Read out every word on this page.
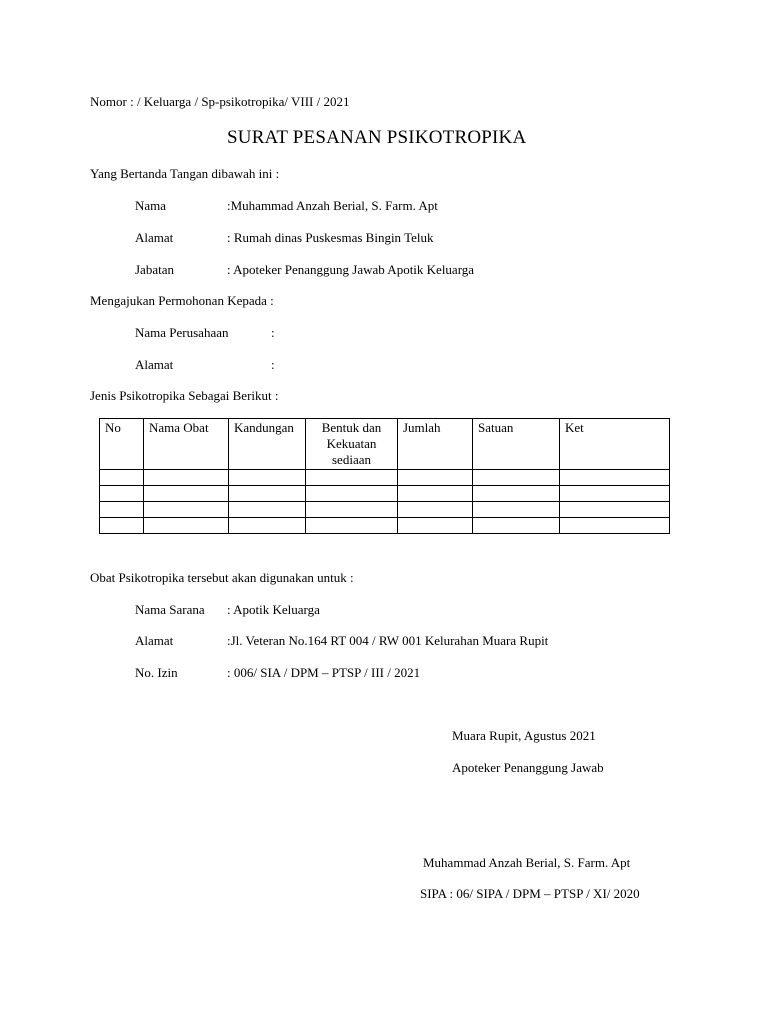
Nomor : / Keluarga / Sp-psikotropika/ VIII / 2021
SURAT PESANAN PSIKOTROPIKA
Yang Bertanda Tangan dibawah ini :
Nama	:Muhammad Anzah Berial, S. Farm. Apt
Alamat	: Rumah dinas Puskesmas Bingin Teluk
Jabatan	: Apoteker Penanggung Jawab Apotik Keluarga
Mengajukan Permohonan Kepada :
Nama Perusahaan	:
Alamat	:
Jenis Psikotropika Sebagai Berikut :
No	Nama Obat	Kandungan	Bentuk dan Kekuatan sediaan	Jumlah	Satuan	Ket

Obat Psikotropika tersebut akan digunakan untuk :
Nama Sarana : Apotik Keluarga
Alamat	:Jl. Veteran No.164 RT 004 / RW 001 Kelurahan Muara Rupit
No. Izin	: 006/ SIA / DPM – PTSP / III / 2021
Muara Rupit, Agustus 2021
Apoteker Penanggung Jawab
Muhammad Anzah Berial, S. Farm. Apt
SIPA : 06/ SIPA / DPM – PTSP / XI/ 2020
